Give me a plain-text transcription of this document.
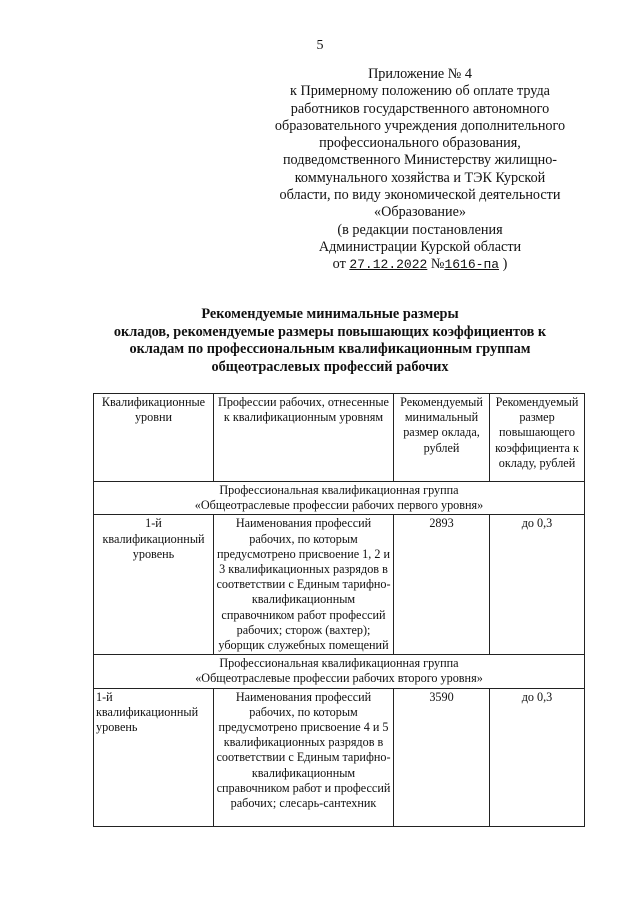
5
Приложение № 4
к Примерному положению об оплате труда
работников государственного автономного
образовательного учреждения дополнительного
профессионального образования,
подведомственного Министерству жилищно-
коммунального хозяйства и ТЭК Курской
области, по виду экономической деятельности
«Образование»
(в редакции постановления
Администрации Курской области
от 27.12.2022 №1616-па )
Рекомендуемые минимальные размеры
окладов, рекомендуемые размеры повышающих коэффициентов к
окладам по профессиональным квалификационным группам
общеотраслевых профессий рабочих
Квалификационные уровни	Профессии рабочих, отнесенные к квалификационным уровням	Рекомендуемый минимальный размер оклада, рублей	Рекомендуемый размер повышающего коэффициента к окладу, рублей

Профессиональная квалификационная группа
«Общеотраслевые профессии рабочих первого уровня»			

1-й квалификационный уровень	Наименования профессий рабочих, по которым предусмотрено присвоение 1, 2 и 3 квалификационных разрядов в соответствии с Единым тарифно-квалификационным справочником работ профессий рабочих; сторож (вахтер); уборщик служебных помещений	2893	до 0,3

Профессиональная квалификационная группа
«Общеотраслевые профессии рабочих второго уровня»			

1-й квалификационный уровень	Наименования профессий рабочих, по которым предусмотрено присвоение 4 и 5 квалификационных разрядов в соответствии с Единым тарифно-квалификационным справочником работ и профессий рабочих; слесарь-сантехник	3590	до 0,3
